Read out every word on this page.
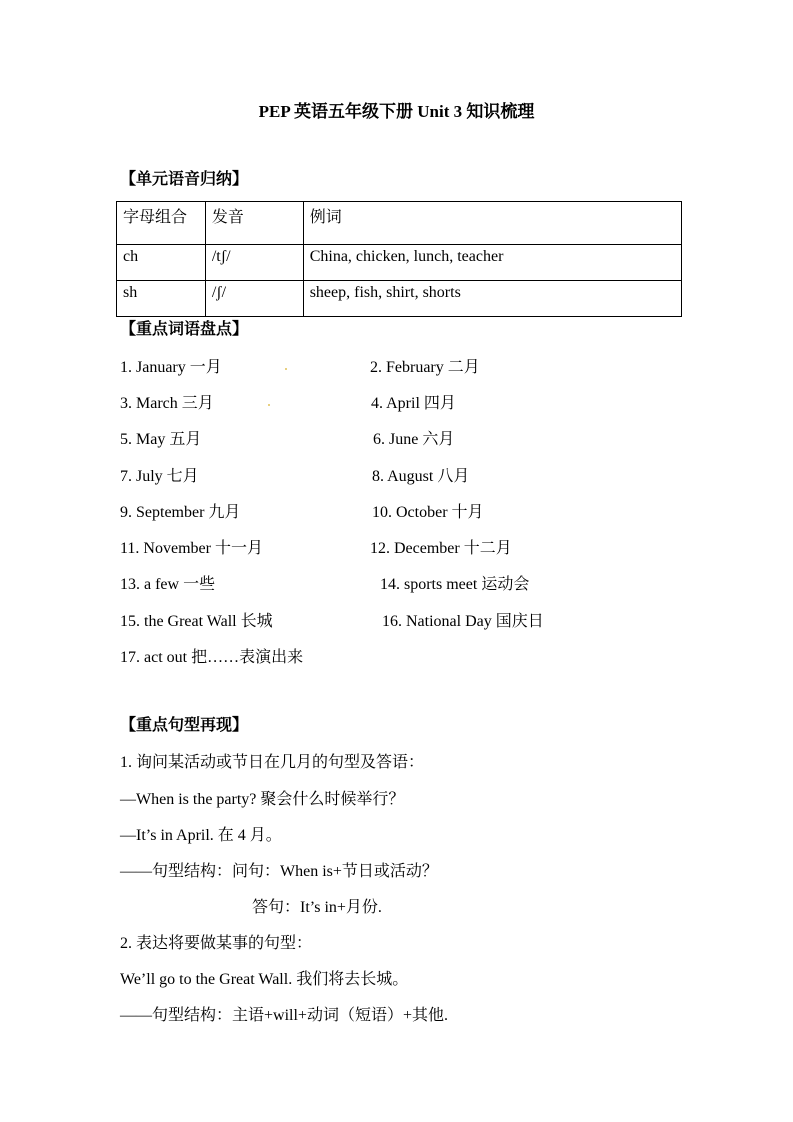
PEP 英语五年级下册 Unit 3 知识梳理
【单元语音归纳】
字母组合	发音	例词
ch	/tʃ/	China, chicken, lunch, teacher
sh	/ʃ/	sheep, fish, shirt, shorts
【重点词语盘点】
1. January 一月	2. February 二月
3. March 三月	4. April 四月
5. May 五月	6. June 六月
7. July 七月	8. August 八月
9. September 九月	10. October 十月
11. November 十一月	12. December 十二月
13. a few 一些	14. sports meet 运动会
15. the Great Wall 长城	16. National Day 国庆日
17. act out 把……表演出来
【重点句型再现】
1. 询问某活动或节日在几月的句型及答语：
—When is the party? 聚会什么时候举行？
—It’s in April. 在 4 月。
——句型结构：问句：When is+节日或活动？
答句：It’s in+月份.
2. 表达将要做某事的句型：
We’ll go to the Great Wall. 我们将去长城。
——句型结构：主语+will+动词（短语）+其他.
